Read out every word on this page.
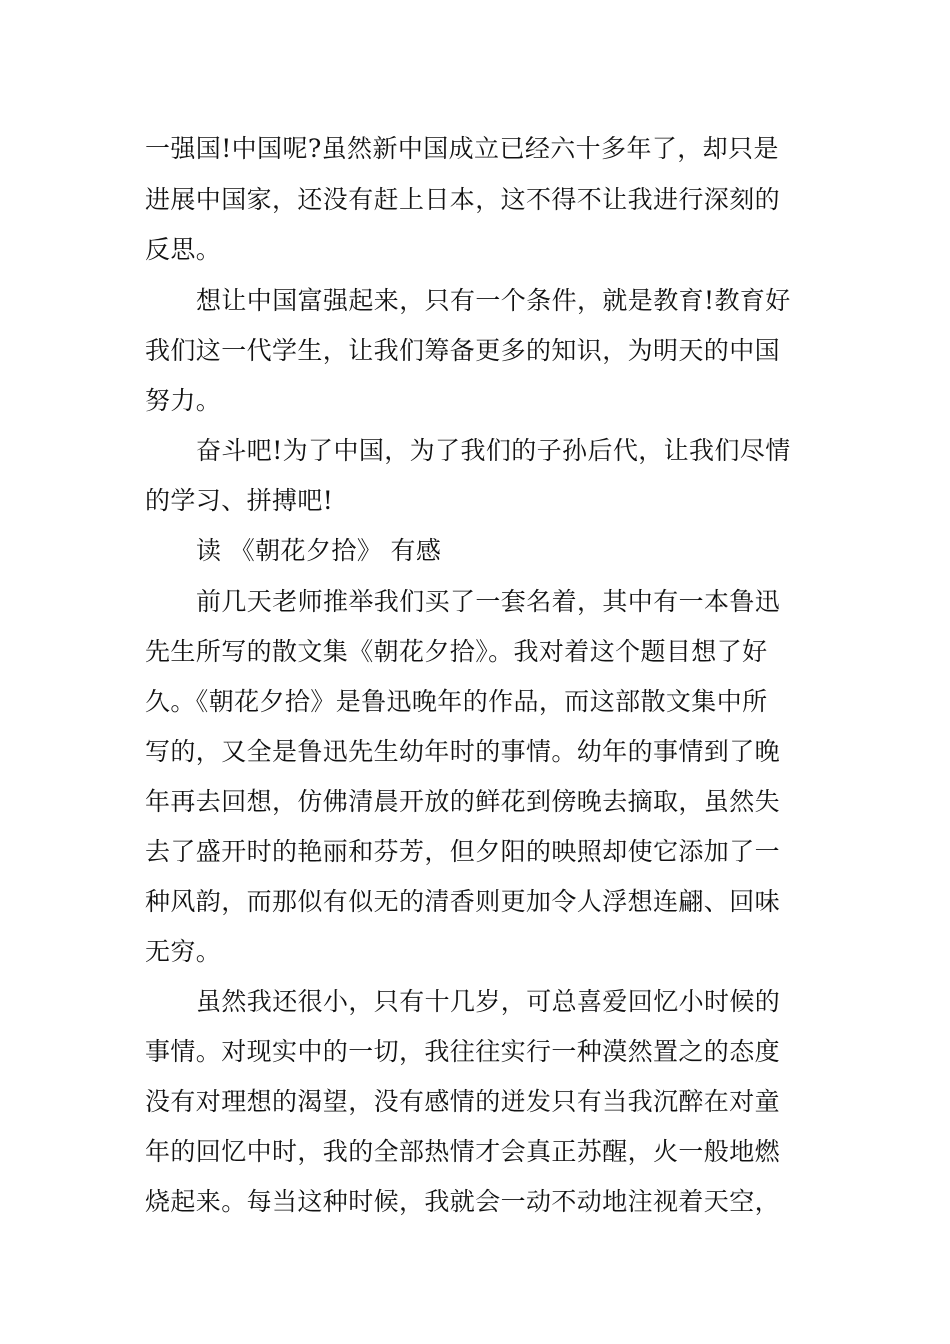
一强国!中国呢?虽然新中国成立已经六十多年了，却只是
进展中国家，还没有赶上日本，这不得不让我进行深刻的
反思。
想让中国富强起来，只有一个条件，就是教育!教育好
我们这一代学生，让我们筹备更多的知识，为明天的中国
努力。
奋斗吧!为了中国，为了我们的子孙后代，让我们尽情
的学习、拼搏吧!
读 《朝花夕拾》 有感
前几天老师推举我们买了一套名着，其中有一本鲁迅
先生所写的散文集《朝花夕拾》。我对着这个题目想了好
久。《朝花夕拾》是鲁迅晚年的作品，而这部散文集中所
写的，又全是鲁迅先生幼年时的事情。幼年的事情到了晚
年再去回想，仿佛清晨开放的鲜花到傍晚去摘取，虽然失
去了盛开时的艳丽和芬芳，但夕阳的映照却使它添加了一
种风韵，而那似有似无的清香则更加令人浮想连翩、回味
无穷。
虽然我还很小，只有十几岁，可总喜爱回忆小时候的
事情。对现实中的一切，我往往实行一种漠然置之的态度
没有对理想的渴望，没有感情的迸发只有当我沉醉在对童
年的回忆中时，我的全部热情才会真正苏醒，火一般地燃
烧起来。每当这种时候，我就会一动不动地注视着天空，
